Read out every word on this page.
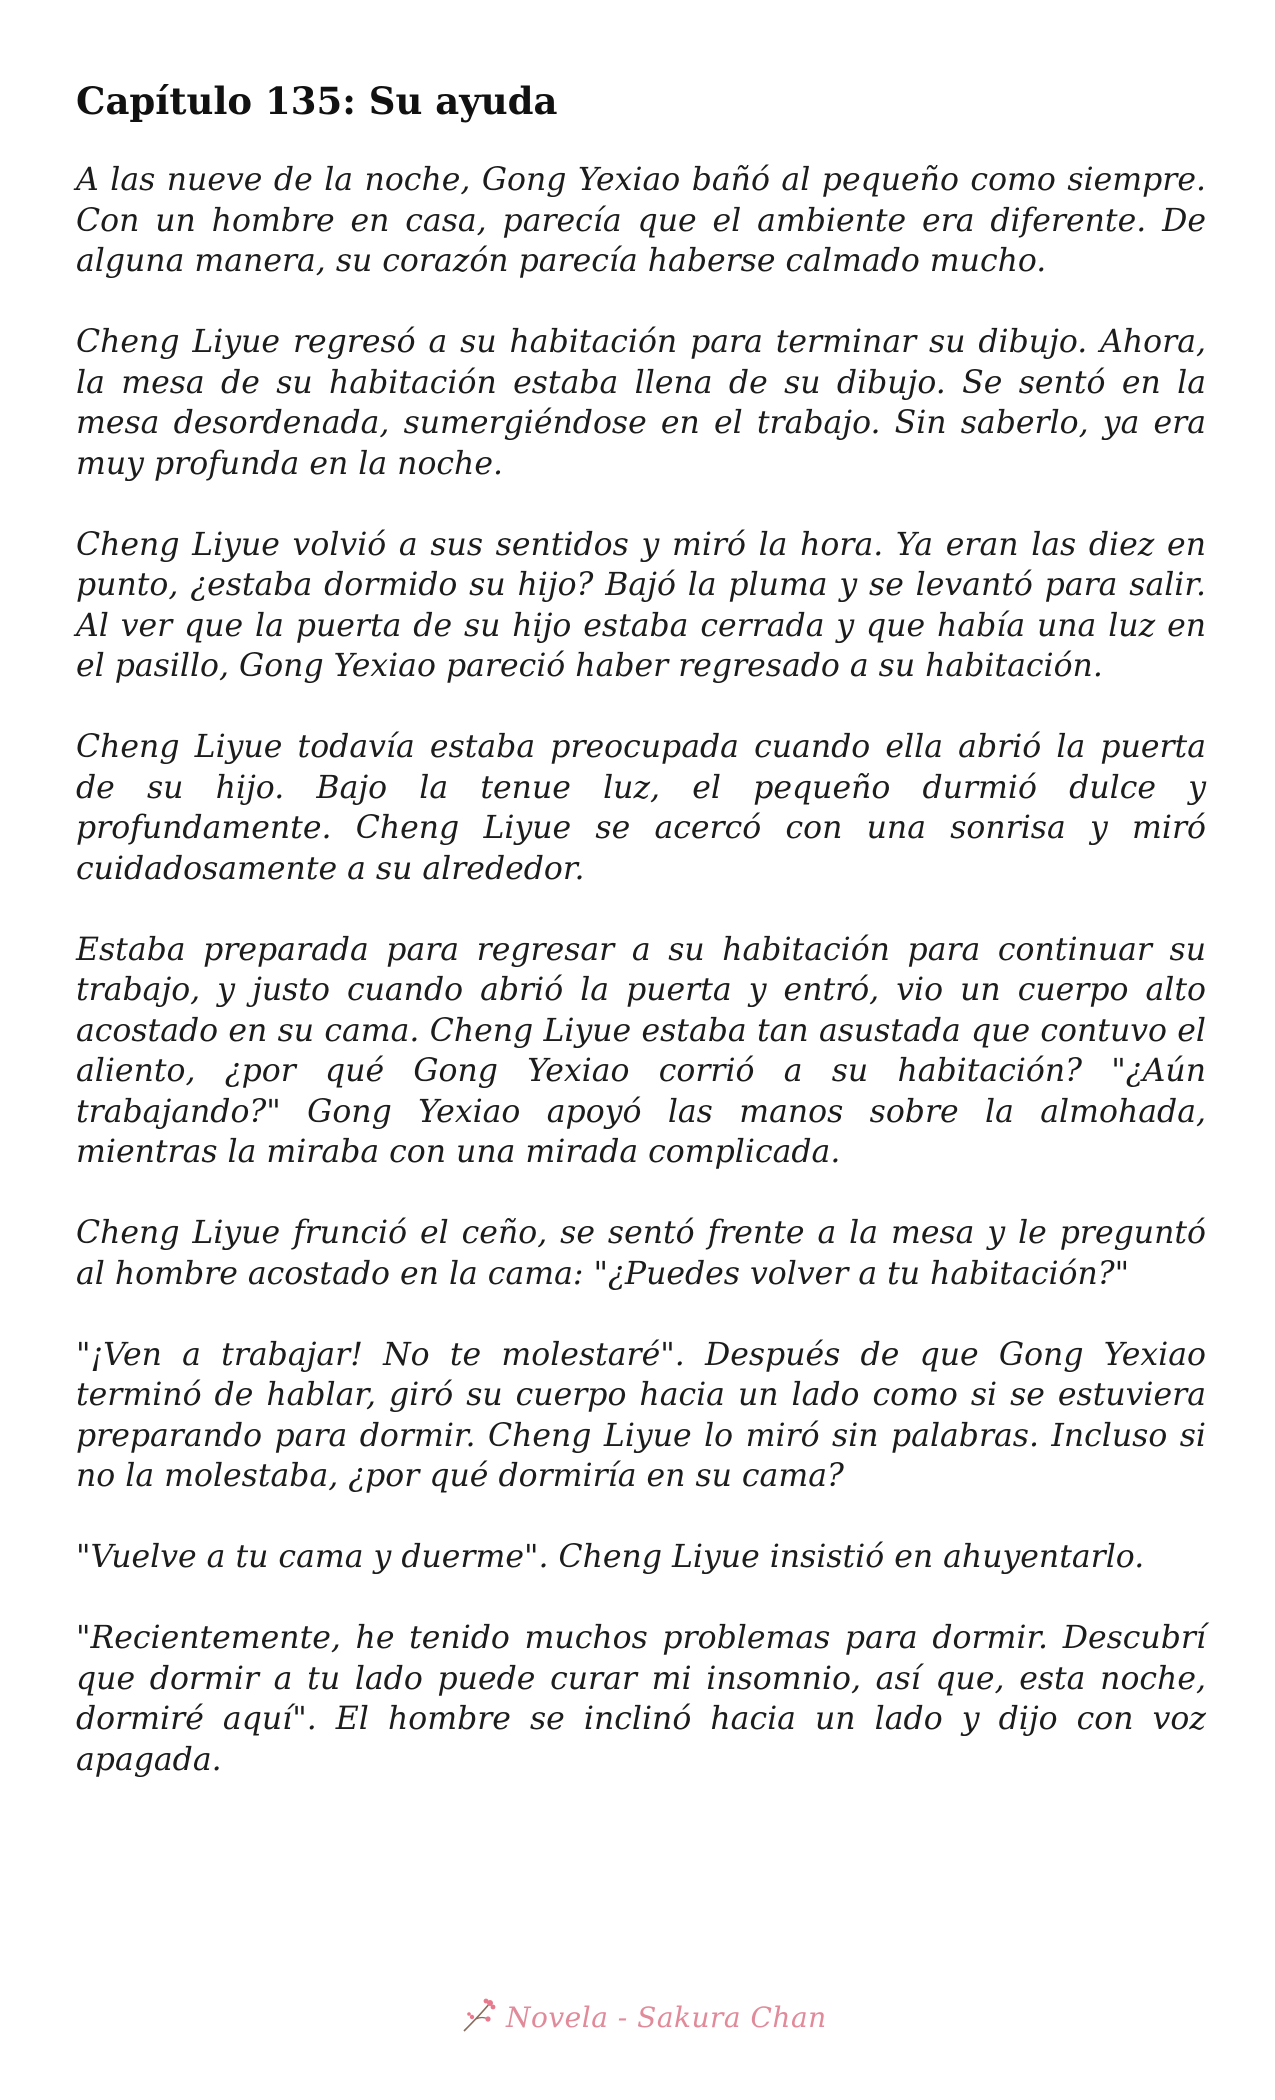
Capítulo 135: Su ayuda

A las nueve de la noche, Gong Yexiao bañó al pequeño como siempre. Con un hombre en casa, parecía que el ambiente era diferente. De alguna manera, su corazón parecía haberse calmado mucho.

Cheng Liyue regresó a su habitación para terminar su dibujo. Ahora, la mesa de su habitación estaba llena de su dibujo. Se sentó en la mesa desordenada, sumergiéndose en el trabajo. Sin saberlo, ya era muy profunda en la noche.

Cheng Liyue volvió a sus sentidos y miró la hora. Ya eran las diez en punto, ¿estaba dormido su hijo? Bajó la pluma y se levantó para salir. Al ver que la puerta de su hijo estaba cerrada y que había una luz en el pasillo, Gong Yexiao pareció haber regresado a su habitación.

Cheng Liyue todavía estaba preocupada cuando ella abrió la puerta de su hijo. Bajo la tenue luz, el pequeño durmió dulce y profundamente. Cheng Liyue se acercó con una sonrisa y miró cuidadosamente a su alrededor.

Estaba preparada para regresar a su habitación para continuar su trabajo, y justo cuando abrió la puerta y entró, vio un cuerpo alto acostado en su cama. Cheng Liyue estaba tan asustada que contuvo el aliento, ¿por qué Gong Yexiao corrió a su habitación? "¿Aún trabajando?" Gong Yexiao apoyó las manos sobre la almohada, mientras la miraba con una mirada complicada.

Cheng Liyue frunció el ceño, se sentó frente a la mesa y le preguntó al hombre acostado en la cama: "¿Puedes volver a tu habitación?"

"¡Ven a trabajar! No te molestaré". Después de que Gong Yexiao terminó de hablar, giró su cuerpo hacia un lado como si se estuviera preparando para dormir. Cheng Liyue lo miró sin palabras. Incluso si no la molestaba, ¿por qué dormiría en su cama?

"Vuelve a tu cama y duerme". Cheng Liyue insistió en ahuyentarlo.

"Recientemente, he tenido muchos problemas para dormir. Descubrí que dormir a tu lado puede curar mi insomnio, así que, esta noche, dormiré aquí". El hombre se inclinó hacia un lado y dijo con voz apagada.

Novela - Sakura Chan
